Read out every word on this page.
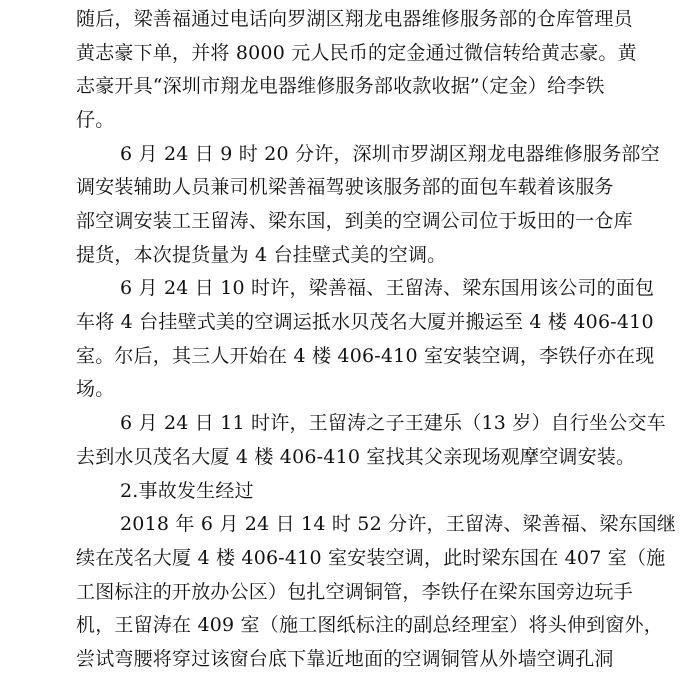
随后，梁善福通过电话向罗湖区翔龙电器维修服务部的仓库管理员
黄志豪下单，并将 8000 元人民币的定金通过微信转给黄志豪。黄
志豪开具“深圳市翔龙电器维修服务部收款收据”（定金）给李铁
仔。
6 月 24 日 9 时 20 分许，深圳市罗湖区翔龙电器维修服务部空
调安装辅助人员兼司机梁善福驾驶该服务部的面包车载着该服务
部空调安装工王留涛、梁东国，到美的空调公司位于坂田的一仓库
提货，本次提货量为 4 台挂壁式美的空调。
6 月 24 日 10 时许，梁善福、王留涛、梁东国用该公司的面包
车将 4 台挂壁式美的空调运抵水贝茂名大厦并搬运至 4 楼 406-410
室。尔后，其三人开始在 4 楼 406-410 室安装空调，李铁仔亦在现
场。
6 月 24 日 11 时许，王留涛之子王建乐（13 岁）自行坐公交车
去到水贝茂名大厦 4 楼 406-410 室找其父亲现场观摩空调安装。
2.事故发生经过
2018 年 6 月 24 日 14 时 52 分许，王留涛、梁善福、梁东国继
续在茂名大厦 4 楼 406-410 室安装空调，此时梁东国在 407 室（施
工图标注的开放办公区）包扎空调铜管，李铁仔在梁东国旁边玩手
机，王留涛在 409 室（施工图纸标注的副总经理室）将头伸到窗外，
尝试弯腰将穿过该窗台底下靠近地面的空调铜管从外墙空调孔洞
